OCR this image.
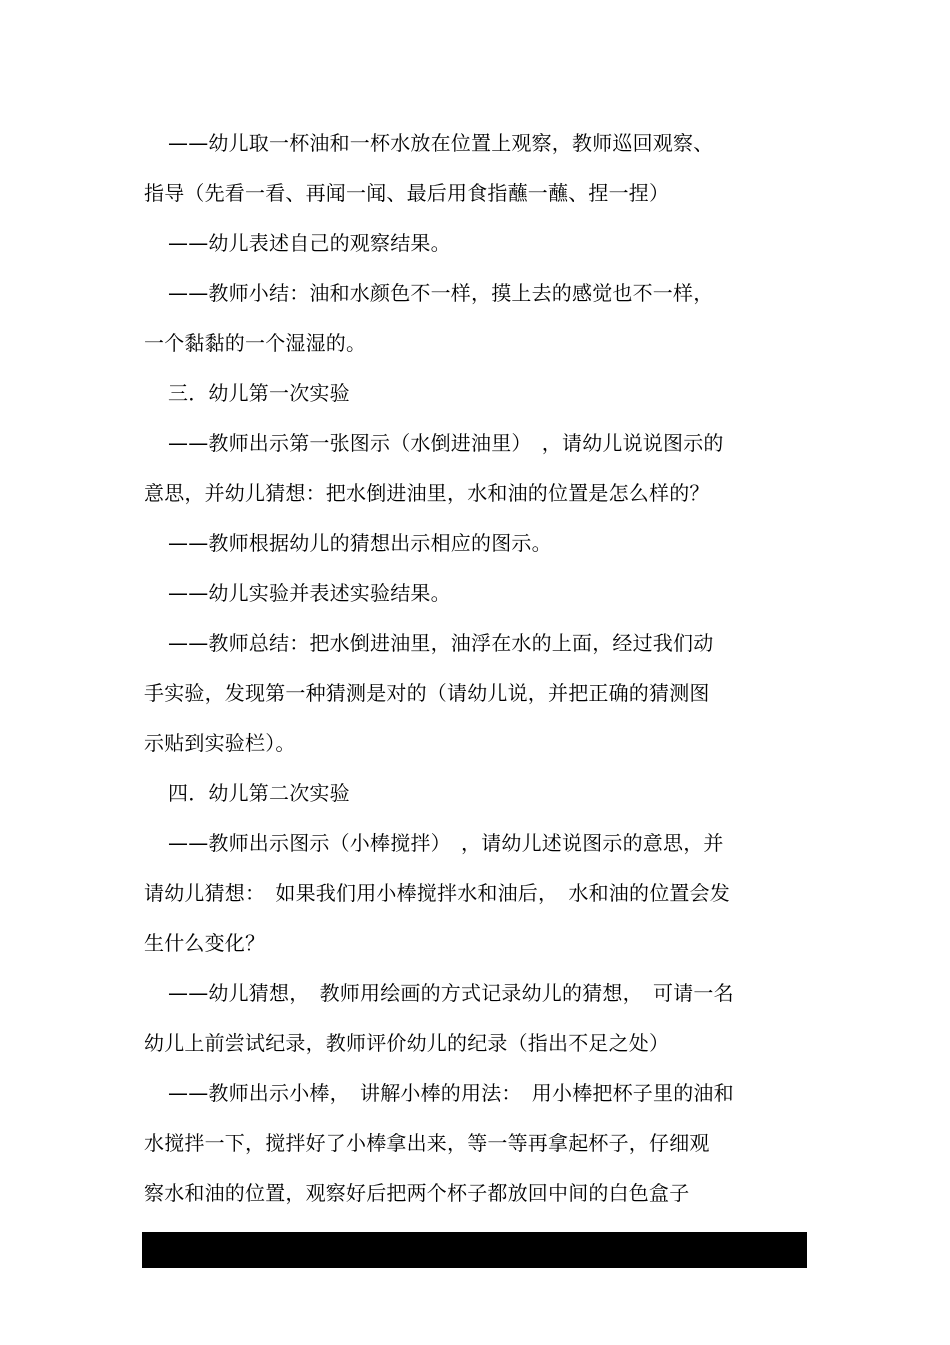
——幼儿取一杯油和一杯水放在位置上观察，教师巡回观察、
指导（先看一看、再闻一闻、最后用食指蘸一蘸、捏一捏）
——幼儿表述自己的观察结果。
——教师小结：油和水颜色不一样，摸上去的感觉也不一样，
一个黏黏的一个湿湿的。
三．幼儿第一次实验
——教师出示第一张图示（水倒进油里）　，请幼儿说说图示的
意思，并幼儿猜想：把水倒进油里，水和油的位置是怎么样的？
——教师根据幼儿的猜想出示相应的图示。
——幼儿实验并表述实验结果。
——教师总结：把水倒进油里，油浮在水的上面，经过我们动
手实验，发现第一种猜测是对的（请幼儿说，并把正确的猜测图
示贴到实验栏）。
四．幼儿第二次实验
——教师出示图示（小棒搅拌）　，请幼儿述说图示的意思，并
请幼儿猜想：　如果我们用小棒搅拌水和油后，　水和油的位置会发
生什么变化？
——幼儿猜想，　教师用绘画的方式记录幼儿的猜想，　可请一名
幼儿上前尝试纪录，教师评价幼儿的纪录（指出不足之处）
——教师出示小棒，　讲解小棒的用法：　用小棒把杯子里的油和
水搅拌一下，搅拌好了小棒拿出来，等一等再拿起杯子，仔细观
察水和油的位置，观察好后把两个杯子都放回中间的白色盒子
